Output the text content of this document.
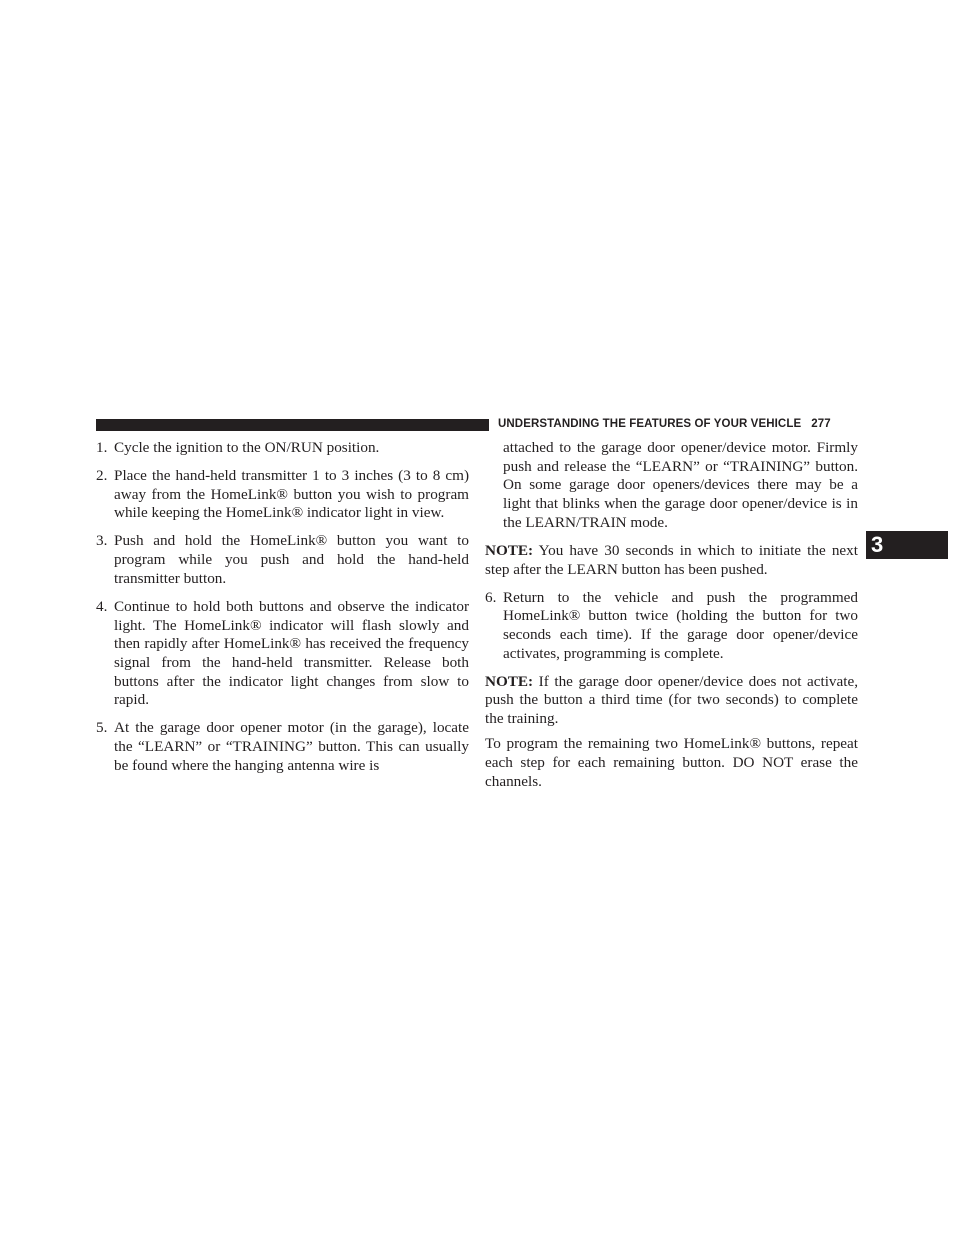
UNDERSTANDING THE FEATURES OF YOUR VEHICLE 277
3
1. Cycle the ignition to the ON/RUN position.
2. Place the hand-held transmitter 1 to 3 inches (3 to 8 cm) away from the HomeLink® button you wish to program while keeping the HomeLink® indicator light in view.
3. Push and hold the HomeLink® button you want to program while you push and hold the hand-held transmitter button.
4. Continue to hold both buttons and observe the indicator light. The HomeLink® indicator will flash slowly and then rapidly after HomeLink® has received the frequency signal from the hand-held transmitter. Release both buttons after the indicator light changes from slow to rapid.
5. At the garage door opener motor (in the garage), locate the “LEARN” or “TRAINING” button. This can usually be found where the hanging antenna wire is
attached to the garage door opener/device motor. Firmly push and release the “LEARN” or “TRAINING” button. On some garage door openers/devices there may be a light that blinks when the garage door opener/device is in the LEARN/TRAIN mode.
NOTE: You have 30 seconds in which to initiate the next step after the LEARN button has been pushed.
6. Return to the vehicle and push the programmed HomeLink® button twice (holding the button for two seconds each time). If the garage door opener/device activates, programming is complete.
NOTE: If the garage door opener/device does not activate, push the button a third time (for two seconds) to complete the training.
To program the remaining two HomeLink® buttons, repeat each step for each remaining button. DO NOT erase the channels.
